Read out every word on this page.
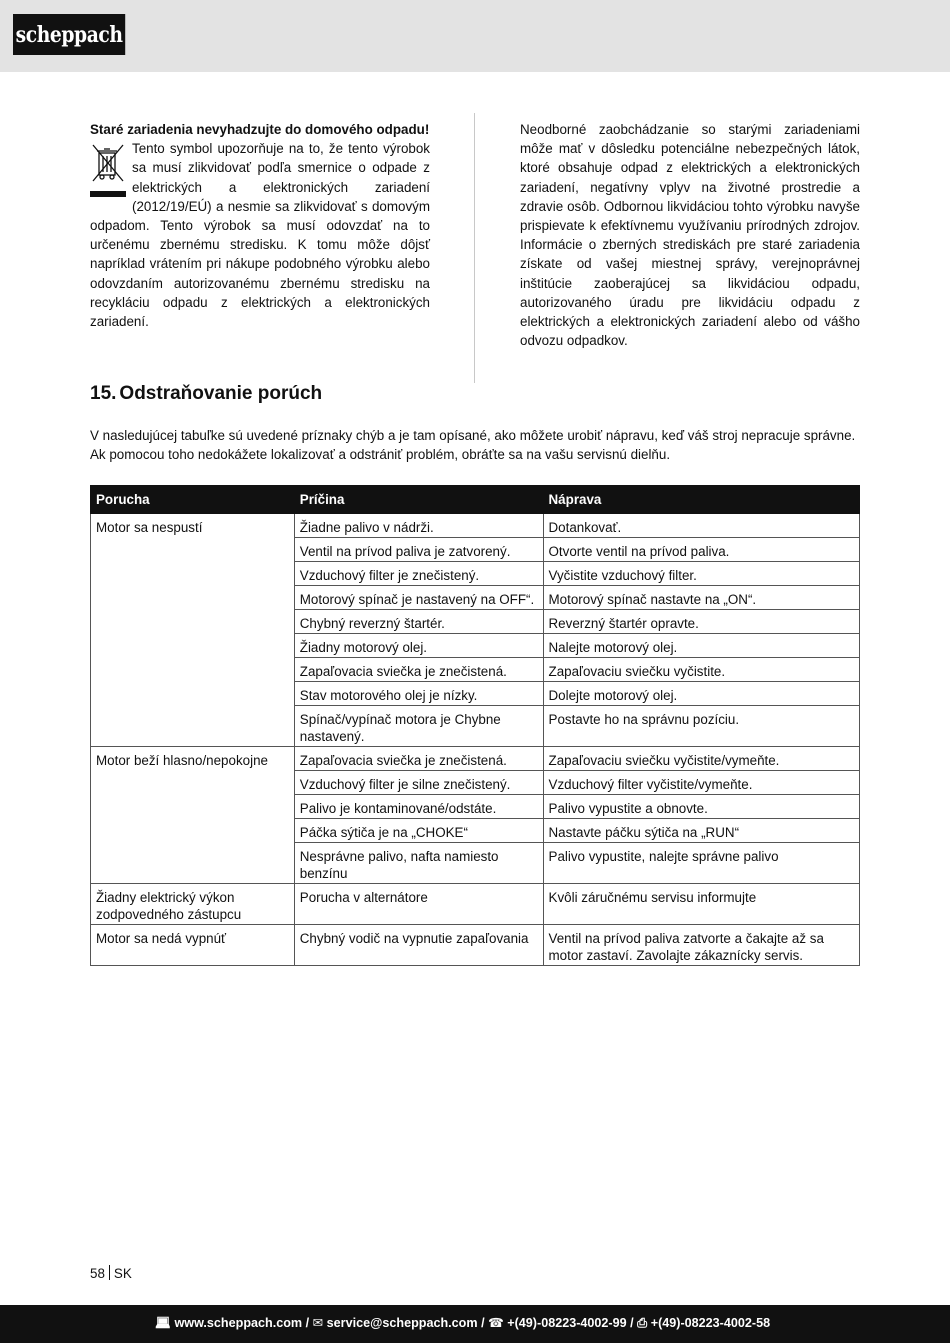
scheppach

Staré zariadenia nevyhadzujte do domového odpadu!

Tento symbol upozorňuje na to, že tento výrobok sa musí zlikvidovať podľa smernice o odpade z elektrických a elektronických zariadení (2012/19/EÚ) a nesmie sa zlikvidovať s domovým odpadom. Tento výrobok sa musí odovzdať na to určenému zbernému stredisku. K tomu môže dôjsť napríklad vrátením pri nákupe podobného výrobku alebo odovzdaním autorizovanému zbernému stredisku na recykláciu odpadu z elektrických a elektronických zariadení.

Neodborné zaobchádzanie so starými zariadeniami môže mať v dôsledku potenciálne nebezpečných látok, ktoré obsahuje odpad z elektrických a elektronických zariadení, negatívny vplyv na životné prostredie a zdravie osôb. Odbornou likvidáciou tohto výrobku navyše prispievate k efektívnemu využívaniu prírodných zdrojov. Informácie o zberných strediskách pre staré zariadenia získate od vašej miestnej správy, verejnoprávnej inštitúcie zaoberajúcej sa likvidáciou odpadu, autorizovaného úradu pre likvidáciu odpadu z elektrických a elektronických zariadení alebo od vášho odvozu odpadkov.

15. Odstraňovanie porúch

V nasledujúcej tabuľke sú uvedené príznaky chýb a je tam opísané, ako môžete urobiť nápravu, keď váš stroj nepracuje správne. Ak pomocou toho nedokážete lokalizovať a odstrániť problém, obráťte sa na vašu servisnú dielňu.

Porucha	Príčina	Náprava
Motor sa nespustí	Žiadne palivo v nádrži.	Dotankovať.
	Ventil na prívod paliva je zatvorený.	Otvorte ventil na prívod paliva.
	Vzduchový filter je znečistený.	Vyčistite vzduchový filter.
	Motorový spínač je nastavený na OFF“.	Motorový spínač nastavte na „ON“.
	Chybný reverzný štartér.	Reverzný štartér opravte.
	Žiadny motorový olej.	Nalejte motorový olej.
	Zapaľovacia sviečka je znečistená.	Zapaľovaciu sviečku vyčistite.
	Stav motorového olej je nízky.	Dolejte motorový olej.
	Spínač/vypínač motora je Chybne nastavený.	Postavte ho na správnu pozíciu.
Motor beží hlasno/nepokojne	Zapaľovacia sviečka je znečistená.	Zapaľovaciu sviečku vyčistite/vymeňte.
	Vzduchový filter je silne znečistený.	Vzduchový filter vyčistite/vymeňte.
	Palivo je kontaminované/odstáte.	Palivo vypustite a obnovte.
	Páčka sýtiča je na „CHOKE“	Nastavte páčku sýtiča na „RUN“
	Nesprávne palivo, nafta namiesto benzínu	Palivo vypustite, nalejte správne palivo
Žiadny elektrický výkon zodpovedného zástupcu	Porucha v alternátore	Kvôli záručnému servisu informujte
Motor sa nedá vypnúť	Chybný vodič na vypnutie zapaľovania	Ventil na prívod paliva zatvorte a čakajte až sa motor zastaví. Zavolajte zákaznícky servis.
58 SK
💻︎ www.scheppach.com / ✉ service@scheppach.com / ☎ +(49)-08223-4002-99 / ⎙ +(49)-08223-4002-58
